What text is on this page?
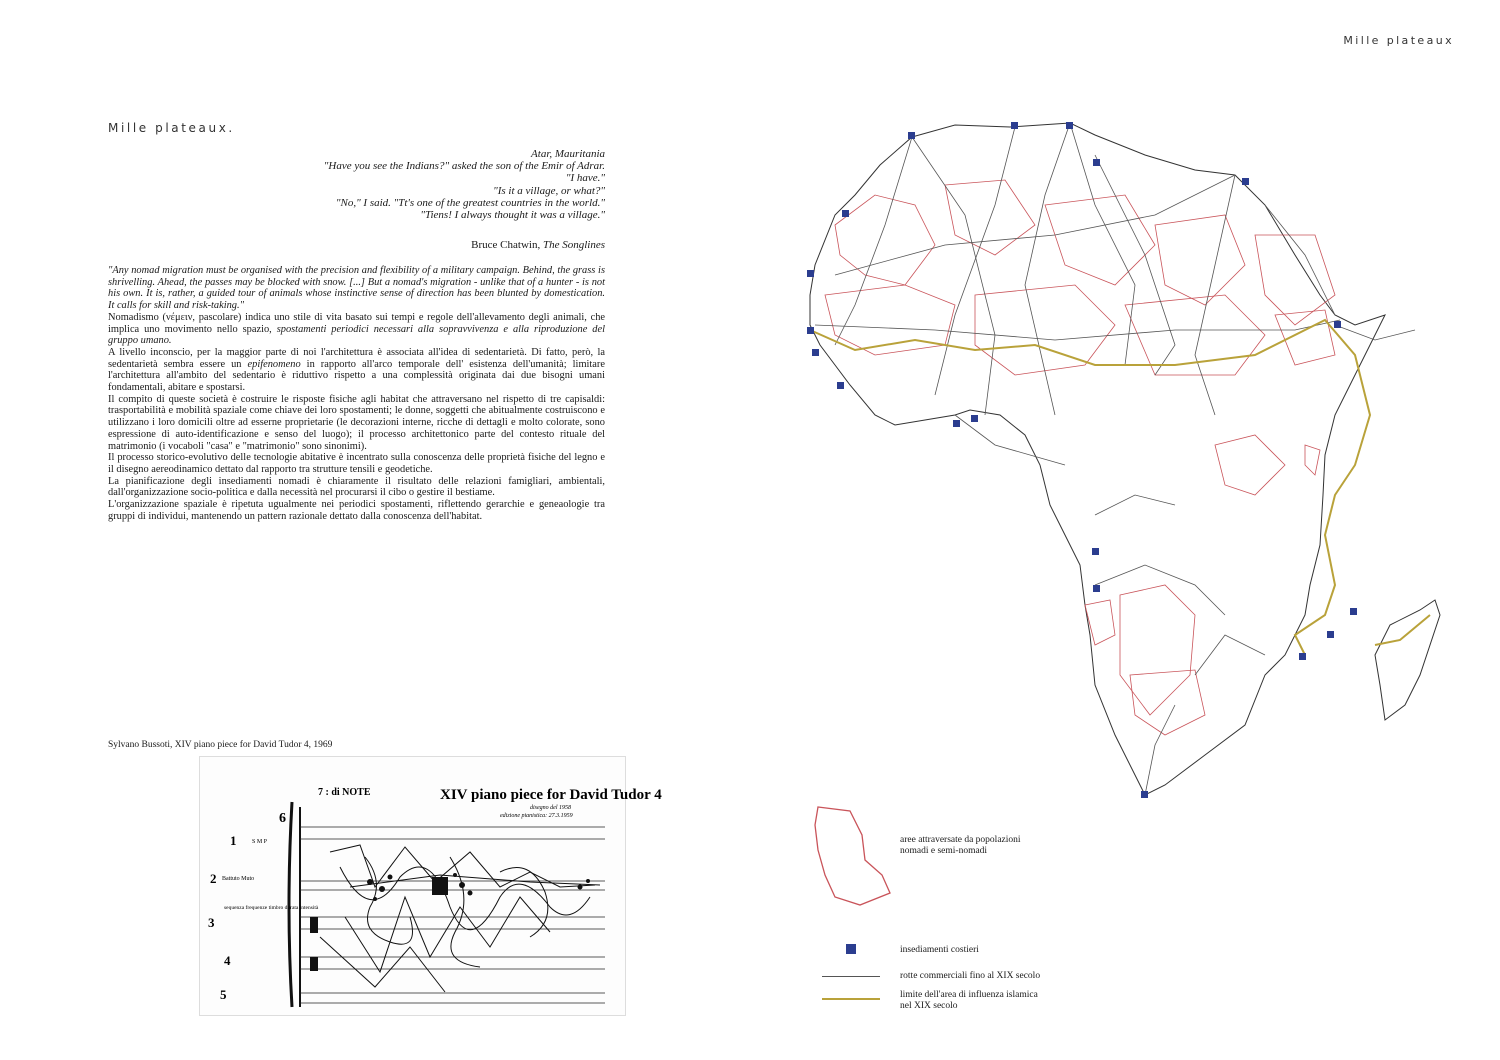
Mille plateaux
Mille plateaux.
Atar, Mauritania
"Have you see the Indians?" asked the son of the Emir of Adrar.
"I have."
"Is it a village, or what?"
"No," I said. "Tt's one of the greatest countries in the world."
"Tiens! I always thought it was a village."
Bruce Chatwin, The Songlines

"Any nomad migration must be organised with the precision and flexibility of a military campaign. Behind, the grass is shrivelling. Ahead, the passes may be blocked with snow. [...] But a nomad's migration - unlike that of a hunter - is not his own. It is, rather, a guided tour of animals whose instinctive sense of direction has been blunted by domestication. It calls for skill and risk-taking."

Nomadismo (νέμειν, pascolare) indica uno stile di vita basato sui tempi e regole dell'allevamento degli animali, che implica uno movimento nello spazio, spostamenti periodici necessari alla sopravvivenza e alla riproduzione del gruppo umano.

A livello inconscio, per la maggior parte di noi l'architettura è associata all'idea di sedentarietà. Di fatto, però, la sedentarietà sembra essere un epifenomeno in rapporto all'arco temporale dell' esistenza dell'umanità; limitare l'architettura all'ambito del sedentario è riduttivo rispetto a una complessità originata dai due bisogni umani fondamentali, abitare e spostarsi.

Il compito di queste società è costruire le risposte fisiche agli habitat che attraversano nel rispetto di tre capisaldi: trasportabilità e mobilità spaziale come chiave dei loro spostamenti; le donne, soggetti che abitualmente costruiscono e utilizzano i loro domicili oltre ad esserne proprietarie (le decorazioni interne, ricche di dettagli e molto colorate, sono espressione di auto-identificazione e senso del luogo); il processo architettonico parte del contesto rituale del matrimonio (i vocaboli "casa" e "matrimonio" sono sinonimi).

Il processo storico-evolutivo delle tecnologie abitative è incentrato sulla conoscenza delle proprietà fisiche del legno e il disegno aereodinamico dettato dal rapporto tra strutture tensili e geodetiche.

La pianificazione degli insediamenti nomadi è chiaramente il risultato delle relazioni famigliari, ambientali, dall'organizzazione socio-politica e dalla necessità nel procurarsi il cibo o gestire il bestiame.

L'organizzazione spaziale è ripetuta ugualmente nei periodici spostamenti, riflettendo gerarchie e geneaologie tra gruppi di individui, mantenendo un pattern razionale dettato dalla conoscenza dell'habitat.

Sylvano Bussoti, XIV piano piece for David Tudor 4, 1969
7 : di NOTE	XIV piano piece for David Tudor 4
disegno del 1958
edizione pianistica: 27.3.1959
6
1
2
3
4
5
S M P
Battuto Muto
sequenza frequenze timbro durata intensità
aree attraversate da popolazioni
nomadi e semi-nomadi
insediamenti costieri
rotte commerciali fino al XIX secolo
limite dell'area di influenza islamica
nel XIX secolo
